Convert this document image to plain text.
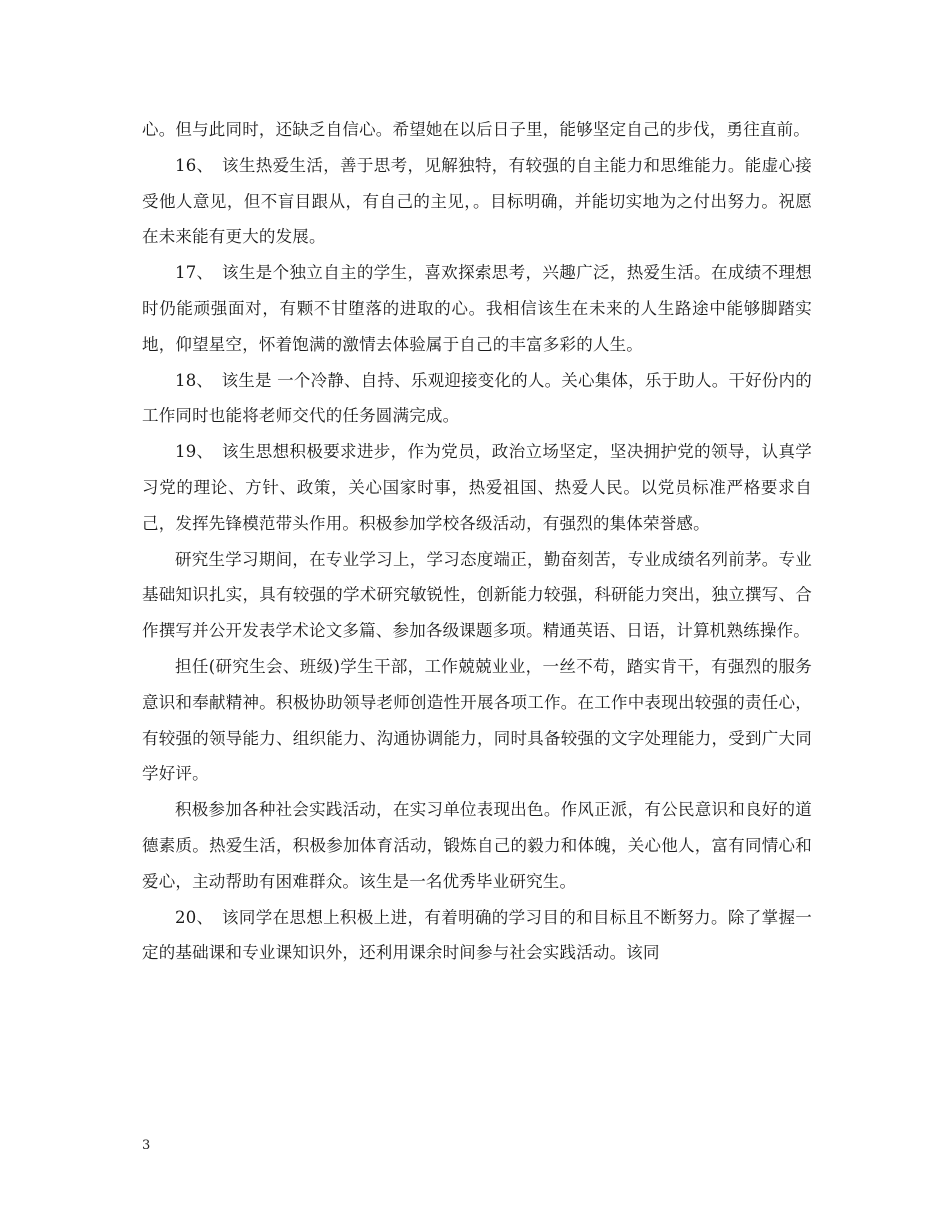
心。但与此同时，还缺乏自信心。希望她在以后日子里，能够坚定自己的步伐，勇往直前。

16、　该生热爱生活，善于思考，见解独特，有较强的自主能力和思维能力。能虚心接受他人意见，但不盲目跟从，有自己的主见，。目标明确，并能切实地为之付出努力。祝愿在未来能有更大的发展。

17、　该生是个独立自主的学生，喜欢探索思考，兴趣广泛，热爱生活。在成绩不理想时仍能顽强面对，有颗不甘堕落的进取的心。我相信该生在未来的人生路途中能够脚踏实地，仰望星空，怀着饱满的激情去体验属于自己的丰富多彩的人生。

18、　该生是 一个冷静、自持、乐观迎接变化的人。关心集体，乐于助人。干好份内的工作同时也能将老师交代的任务圆满完成。

19、　该生思想积极要求进步，作为党员，政治立场坚定，坚决拥护党的领导，认真学习党的理论、方针、政策，关心国家时事，热爱祖国、热爱人民。以党员标准严格要求自己，发挥先锋模范带头作用。积极参加学校各级活动，有强烈的集体荣誉感。

研究生学习期间，在专业学习上，学习态度端正，勤奋刻苦，专业成绩名列前茅。专业基础知识扎实，具有较强的学术研究敏锐性，创新能力较强，科研能力突出，独立撰写、合作撰写并公开发表学术论文多篇、参加各级课题多项。精通英语、日语，计算机熟练操作。

担任(研究生会、班级)学生干部，工作兢兢业业，一丝不苟，踏实肯干，有强烈的服务意识和奉献精神。积极协助领导老师创造性开展各项工作。在工作中表现出较强的责任心，有较强的领导能力、组织能力、沟通协调能力，同时具备较强的文字处理能力，受到广大同学好评。

积极参加各种社会实践活动，在实习单位表现出色。作风正派，有公民意识和良好的道德素质。热爱生活，积极参加体育活动，锻炼自己的毅力和体魄，关心他人，富有同情心和爱心，主动帮助有困难群众。该生是一名优秀毕业研究生。

20、　该同学在思想上积极上进，有着明确的学习目的和目标且不断努力。除了掌握一定的基础课和专业课知识外，还利用课余时间参与社会实践活动。该同

3
